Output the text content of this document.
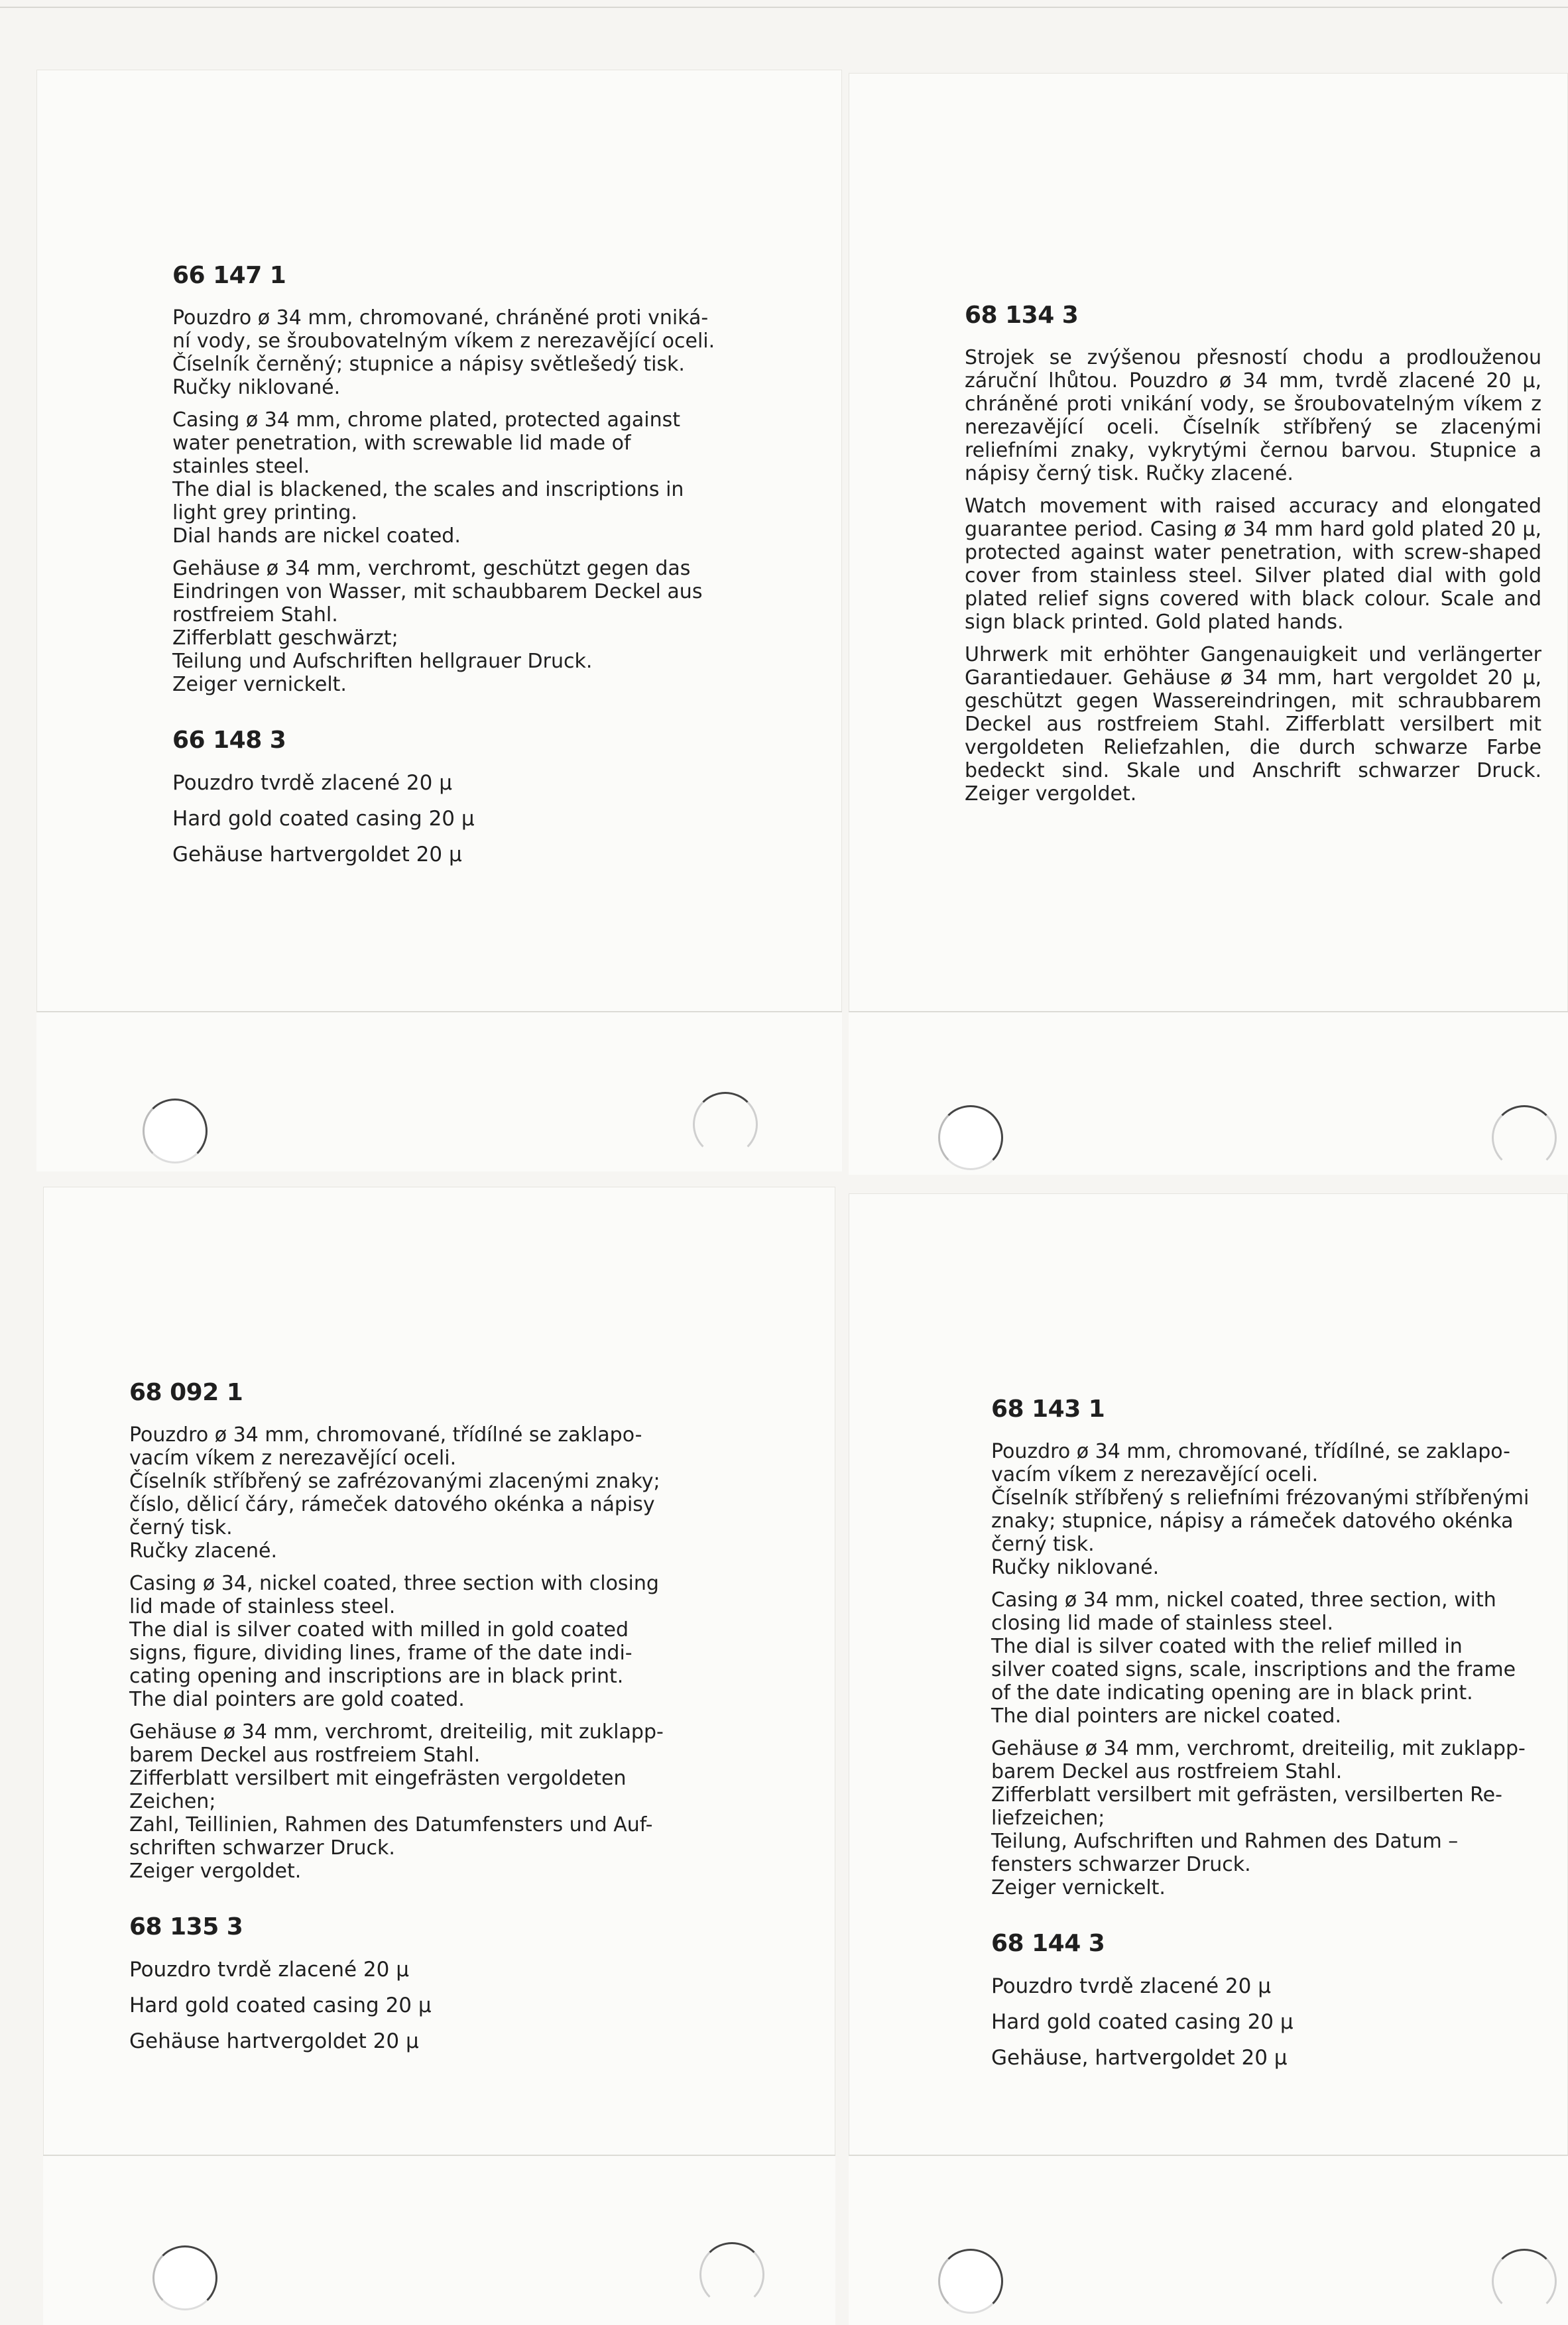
66 147 1
Pouzdro ø 34 mm, chromované, chráněné proti vniká-
ní vody, se šroubovatelným víkem z nerezavějící oceli.
Číselník černěný; stupnice a nápisy světlešedý tisk.
Ručky niklované.
Casing ø 34 mm, chrome plated, protected against
water penetration, with screwable lid made of
stainles steel.
The dial is blackened, the scales and inscriptions in
light grey printing.
Dial hands are nickel coated.
Gehäuse ø 34 mm, verchromt, geschützt gegen das
Eindringen von Wasser, mit schaubbarem Deckel aus
rostfreiem Stahl.
Zifferblatt geschwärzt;
Teilung und Aufschriften hellgrauer Druck.
Zeiger vernickelt.
66 148 3
Pouzdro tvrdě zlacené 20 μ
Hard gold coated casing 20 μ
Gehäuse hartvergoldet 20 μ
68 134 3
Strojek se zvýšenou přesností chodu a prodlouženou záruční lhůtou. Pouzdro ø 34 mm, tvrdě zlacené 20 μ, chráněné proti vnikání vody, se šroubovatelným víkem z nerezavějící oceli. Číselník stříbřený se zlacenými reliefními znaky, vykrytými černou barvou. Stupnice a nápisy černý tisk. Ručky zlacené.
Watch movement with raised accuracy and elongated guarantee period. Casing ø 34 mm hard gold plated 20 μ, protected against water penetration, with screw-shaped cover from stainless steel. Silver plated dial with gold plated relief signs covered with black colour. Scale and sign black printed. Gold plated hands.
Uhrwerk mit erhöhter Gangenauigkeit und verlängerter Garantiedauer. Gehäuse ø 34 mm, hart vergoldet 20 μ, geschützt gegen Wassereindringen, mit schraubbarem Deckel aus rostfreiem Stahl. Zifferblatt versilbert mit vergoldeten Reliefzahlen, die durch schwarze Farbe bedeckt sind. Skale und Anschrift schwarzer Druck. Zeiger vergoldet.
68 092 1
Pouzdro ø 34 mm, chromované, třídílné se zaklapo-
vacím víkem z nerezavějící oceli.
Číselník stříbřený se zafrézovanými zlacenými znaky;
číslo, dělicí čáry, rámeček datového okénka a nápisy
černý tisk.
Ručky zlacené.
Casing ø 34, nickel coated, three section with closing
lid made of stainless steel.
The dial is silver coated with milled in gold coated
signs, figure, dividing lines, frame of the date indi-
cating opening and inscriptions are in black print.
The dial pointers are gold coated.
Gehäuse ø 34 mm, verchromt, dreiteilig, mit zuklapp-
barem Deckel aus rostfreiem Stahl.
Zifferblatt versilbert mit eingefrästen vergoldeten
Zeichen;
Zahl, Teillinien, Rahmen des Datumfensters und Auf-
schriften schwarzer Druck.
Zeiger vergoldet.
68 135 3
Pouzdro tvrdě zlacené 20 μ
Hard gold coated casing 20 μ
Gehäuse hartvergoldet 20 μ
68 143 1
Pouzdro ø 34 mm, chromované, třídílné, se zaklapo-
vacím víkem z nerezavějící oceli.
Číselník stříbřený s reliefními frézovanými stříbřenými
znaky; stupnice, nápisy a rámeček datového okénka
černý tisk.
Ručky niklované.
Casing ø 34 mm, nickel coated, three section, with
closing lid made of stainless steel.
The dial is silver coated with the relief milled in
silver coated signs, scale, inscriptions and the frame
of the date indicating opening are in black print.
The dial pointers are nickel coated.
Gehäuse ø 34 mm, verchromt, dreiteilig, mit zuklapp-
barem Deckel aus rostfreiem Stahl.
Zifferblatt versilbert mit gefrästen, versilberten Re-
liefzeichen;
Teilung, Aufschriften und Rahmen des Datum –
fensters schwarzer Druck.
Zeiger vernickelt.
68 144 3
Pouzdro tvrdě zlacené 20 μ
Hard gold coated casing 20 μ
Gehäuse, hartvergoldet 20 μ
